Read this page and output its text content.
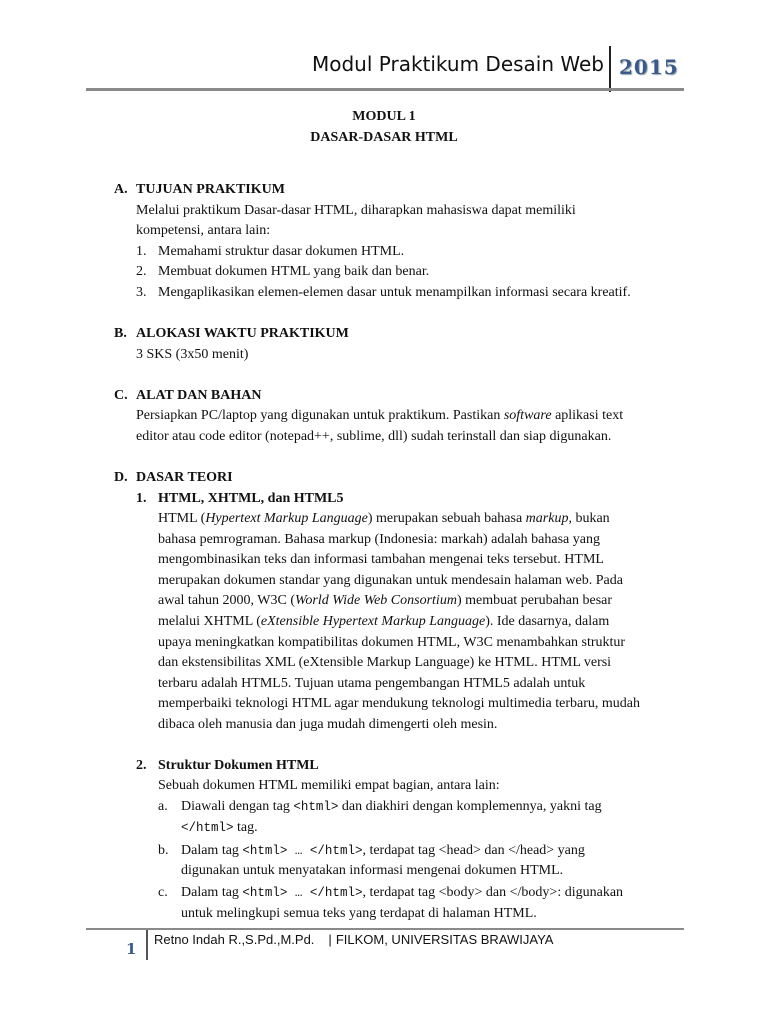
Modul Praktikum Desain Web 2015
MODUL 1
DASAR-DASAR HTML
A. TUJUAN PRAKTIKUM
Melalui praktikum Dasar-dasar HTML, diharapkan mahasiswa dapat memiliki
kompetensi, antara lain:
1. Memahami struktur dasar dokumen HTML.
2. Membuat dokumen HTML yang baik dan benar.
3. Mengaplikasikan elemen-elemen dasar untuk menampilkan informasi secara kreatif.
B. ALOKASI WAKTU PRAKTIKUM
3 SKS (3x50 menit)
C. ALAT DAN BAHAN
Persiapkan PC/laptop yang digunakan untuk praktikum. Pastikan software aplikasi text
editor atau code editor (notepad++, sublime, dll) sudah terinstall dan siap digunakan.
D. DASAR TEORI
1. HTML, XHTML, dan HTML5
HTML (Hypertext Markup Language) merupakan sebuah bahasa markup, bukan
bahasa pemrograman. Bahasa markup (Indonesia: markah) adalah bahasa yang
mengombinasikan teks dan informasi tambahan mengenai teks tersebut. HTML
merupakan dokumen standar yang digunakan untuk mendesain halaman web. Pada
awal tahun 2000, W3C (World Wide Web Consortium) membuat perubahan besar
melalui XHTML (eXtensible Hypertext Markup Language). Ide dasarnya, dalam
upaya meningkatkan kompatibilitas dokumen HTML, W3C menambahkan struktur
dan ekstensibilitas XML (eXtensible Markup Language) ke HTML. HTML versi
terbaru adalah HTML5. Tujuan utama pengembangan HTML5 adalah untuk
memperbaiki teknologi HTML agar mendukung teknologi multimedia terbaru, mudah
dibaca oleh manusia dan juga mudah dimengerti oleh mesin.
2. Struktur Dokumen HTML
Sebuah dokumen HTML memiliki empat bagian, antara lain:
a. Diawali dengan tag <html> dan diakhiri dengan komplemennya, yakni tag
</html> tag.
b. Dalam tag <html> … </html>, terdapat tag <head> dan </head> yang
digunakan untuk menyatakan informasi mengenai dokumen HTML.
c. Dalam tag <html> … </html>, terdapat tag <body> dan </body>: digunakan
untuk melingkupi semua teks yang terdapat di halaman HTML.
1
Retno Indah R.,S.Pd.,M.Pd. | FILKOM, UNIVERSITAS BRAWIJAYA
